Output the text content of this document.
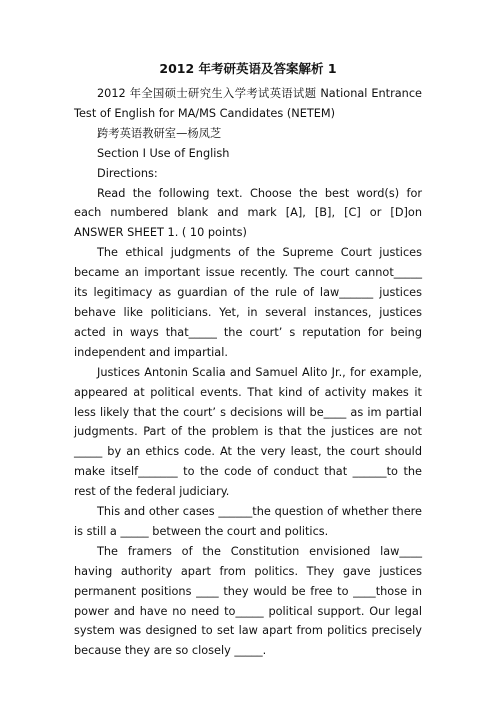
2012 年考研英语及答案解析 1

2012 年全国硕士研究生入学考试英语试题 National Entrance Test of English for MA/MS Candidates (NETEM)

跨考英语教研室—杨凤芝

Section Ⅰ Use of English

Directions:

Read the following text. Choose the best word(s) for each numbered blank and mark [A], [B], [C] or [D]on ANSWER SHEET 1. ( 10 points)

The ethical judgments of the Supreme Court justices became an important issue recently. The court cannot_____ its legitimacy as guardian of the rule of law______ justices behave like politicians. Yet, in several instances, justices acted in ways that_____ the court’ s reputation for being independent and impartial.

Justices Antonin Scalia and Samuel Alito Jr., for example, appeared at political events. That kind of activity makes it less likely that the court’ s decisions will be____ as im partial judgments. Part of the problem is that the justices are not _____ by an ethics code. At the very least, the court should make itself_______ to the code of conduct that ______to the rest of the federal judiciary.

This and other cases ______the question of whether there is still a _____ between the court and politics.

The framers of the Constitution envisioned law____ having authority apart from politics. They gave justices permanent positions ____ they would be free to ____those in power and have no need to_____ political support. Our legal system was designed to set law apart from politics precisely because they are so closely _____.
